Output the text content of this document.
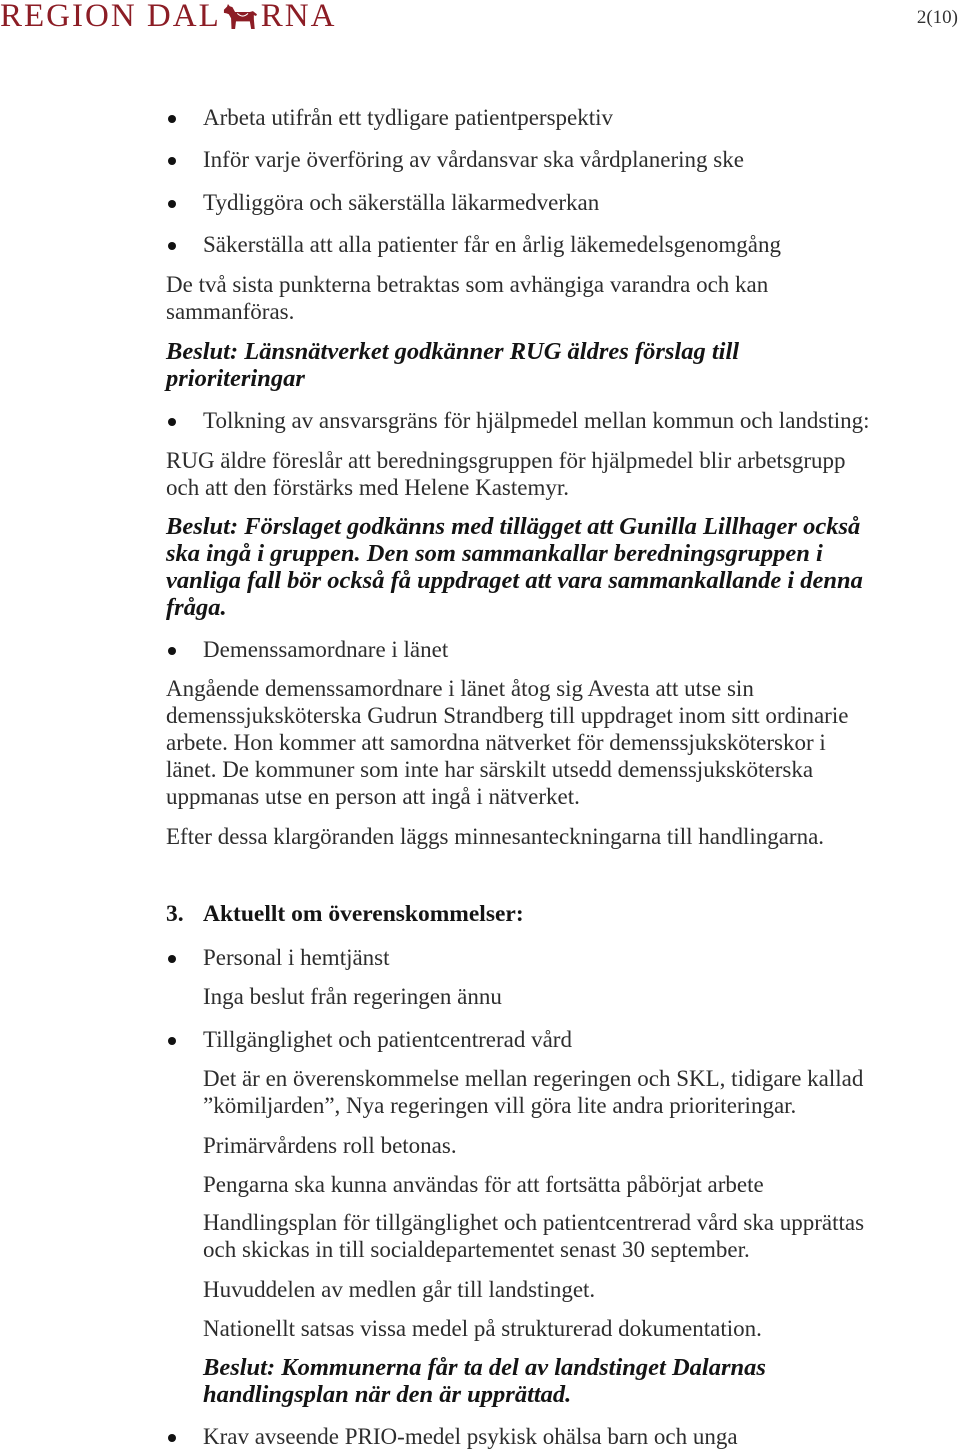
REGION DAL RNA	2(10)
Arbeta utifrån ett tydligare patientperspektiv
Inför varje överföring av vårdansvar ska vårdplanering ske
Tydliggöra och säkerställa läkarmedverkan
Säkerställa att alla patienter får en årlig läkemedelsgenomgång
De två sista punkterna betraktas som avhängiga varandra och kan
sammanföras.
Beslut: Länsnätverket godkänner RUG äldres förslag till
prioriteringar
Tolkning av ansvarsgräns för hjälpmedel mellan kommun och landsting:
RUG äldre föreslår att beredningsgruppen för hjälpmedel blir arbetsgrupp
och att den förstärks med Helene Kastemyr.
Beslut: Förslaget godkänns med tillägget att Gunilla Lillhager också
ska ingå i gruppen. Den som sammankallar beredningsgruppen i
vanliga fall bör också få uppdraget att vara sammankallande i denna
fråga.
Demenssamordnare i länet
Angående demenssamordnare i länet åtog sig Avesta att utse sin
demenssjuksköterska Gudrun Strandberg till uppdraget inom sitt ordinarie
arbete. Hon kommer att samordna nätverket för demenssjuksköterskor i
länet. De kommuner som inte har särskilt utsedd demenssjuksköterska
uppmanas utse en person att ingå i nätverket.
Efter dessa klargöranden läggs minnesanteckningarna till handlingarna.
3. Aktuellt om överenskommelser:
Personal i hemtjänst
Inga beslut från regeringen ännu
Tillgänglighet och patientcentrerad vård
Det är en överenskommelse mellan regeringen och SKL, tidigare kallad
”kömiljarden”, Nya regeringen vill göra lite andra prioriteringar.
Primärvårdens roll betonas.
Pengarna ska kunna användas för att fortsätta påbörjat arbete
Handlingsplan för tillgänglighet och patientcentrerad vård ska upprättas
och skickas in till socialdepartementet senast 30 september.
Huvuddelen av medlen går till landstinget.
Nationellt satsas vissa medel på strukturerad dokumentation.
Beslut: Kommunerna får ta del av landstinget Dalarnas
handlingsplan när den är upprättad.
Krav avseende PRIO-medel psykisk ohälsa barn och unga
